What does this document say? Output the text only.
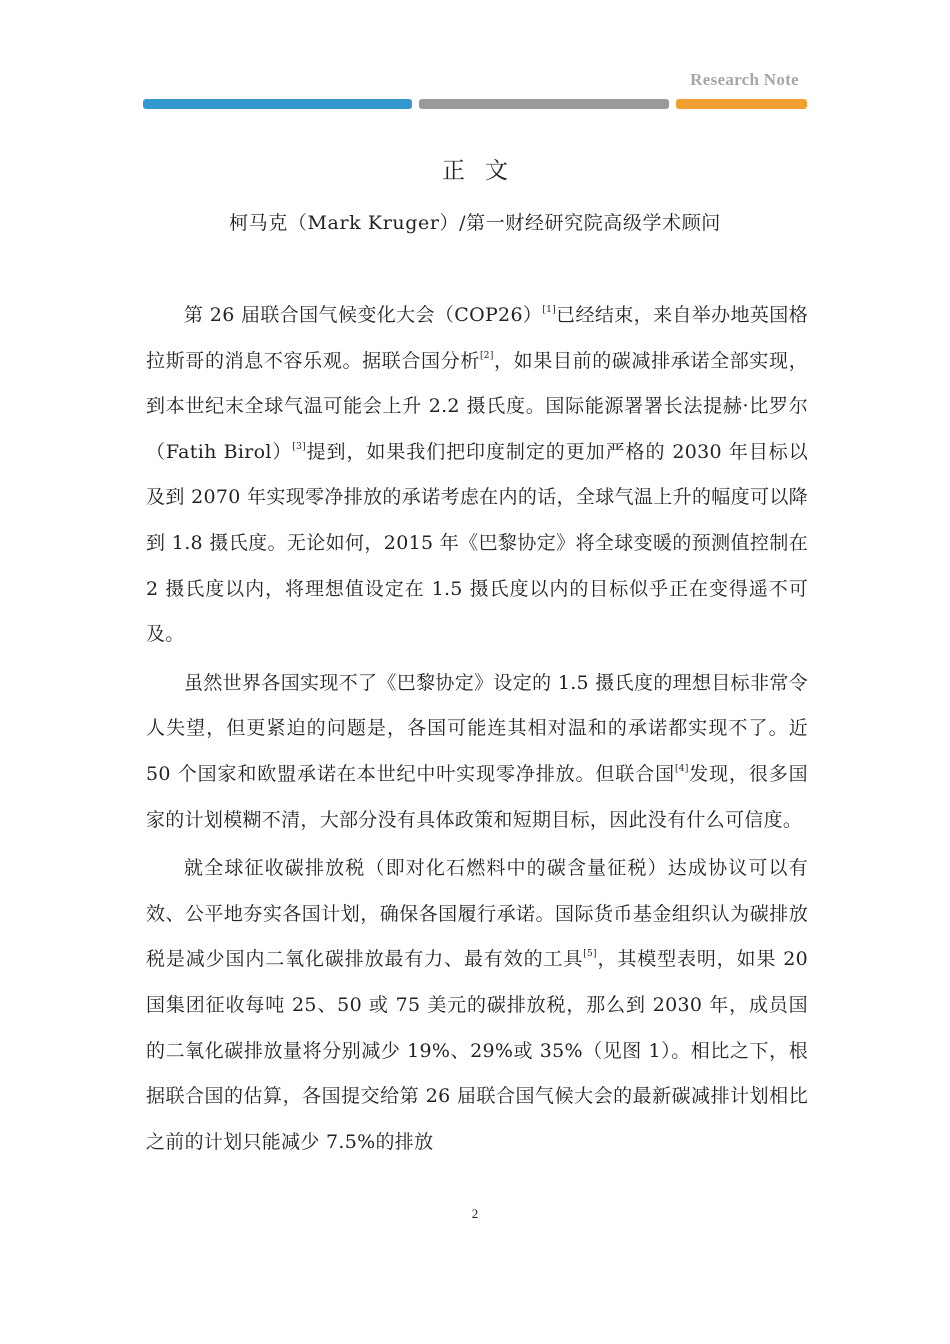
Research Note
正文
柯马克（Mark Kruger）/第一财经研究院高级学术顾问

第 26 届联合国气候变化大会（COP26）[1]已经结束，来自举办地英国格拉斯哥的消息不容乐观。据联合国分析[2]，如果目前的碳减排承诺全部实现，到本世纪末全球气温可能会上升 2.2 摄氏度。国际能源署署长法提赫·比罗尔（Fatih Birol）[3]提到，如果我们把印度制定的更加严格的 2030 年目标以及到 2070 年实现零净排放的承诺考虑在内的话，全球气温上升的幅度可以降到 1.8 摄氏度。无论如何，2015 年《巴黎协定》将全球变暖的预测值控制在 2 摄氏度以内，将理想值设定在 1.5 摄氏度以内的目标似乎正在变得遥不可及。

虽然世界各国实现不了《巴黎协定》设定的 1.5 摄氏度的理想目标非常令人失望，但更紧迫的问题是，各国可能连其相对温和的承诺都实现不了。近 50 个国家和欧盟承诺在本世纪中叶实现零净排放。但联合国[4]发现，很多国家的计划模糊不清，大部分没有具体政策和短期目标，因此没有什么可信度。

就全球征收碳排放税（即对化石燃料中的碳含量征税）达成协议可以有效、公平地夯实各国计划，确保各国履行承诺。国际货币基金组织认为碳排放税是减少国内二氧化碳排放最有力、最有效的工具[5]，其模型表明，如果 20 国集团征收每吨 25、50 或 75 美元的碳排放税，那么到 2030 年，成员国的二氧化碳排放量将分别减少 19%、29%或 35%（见图 1）。相比之下，根据联合国的估算，各国提交给第 26 届联合国气候大会的最新碳减排计划相比之前的计划只能减少 7.5%的排放

2
